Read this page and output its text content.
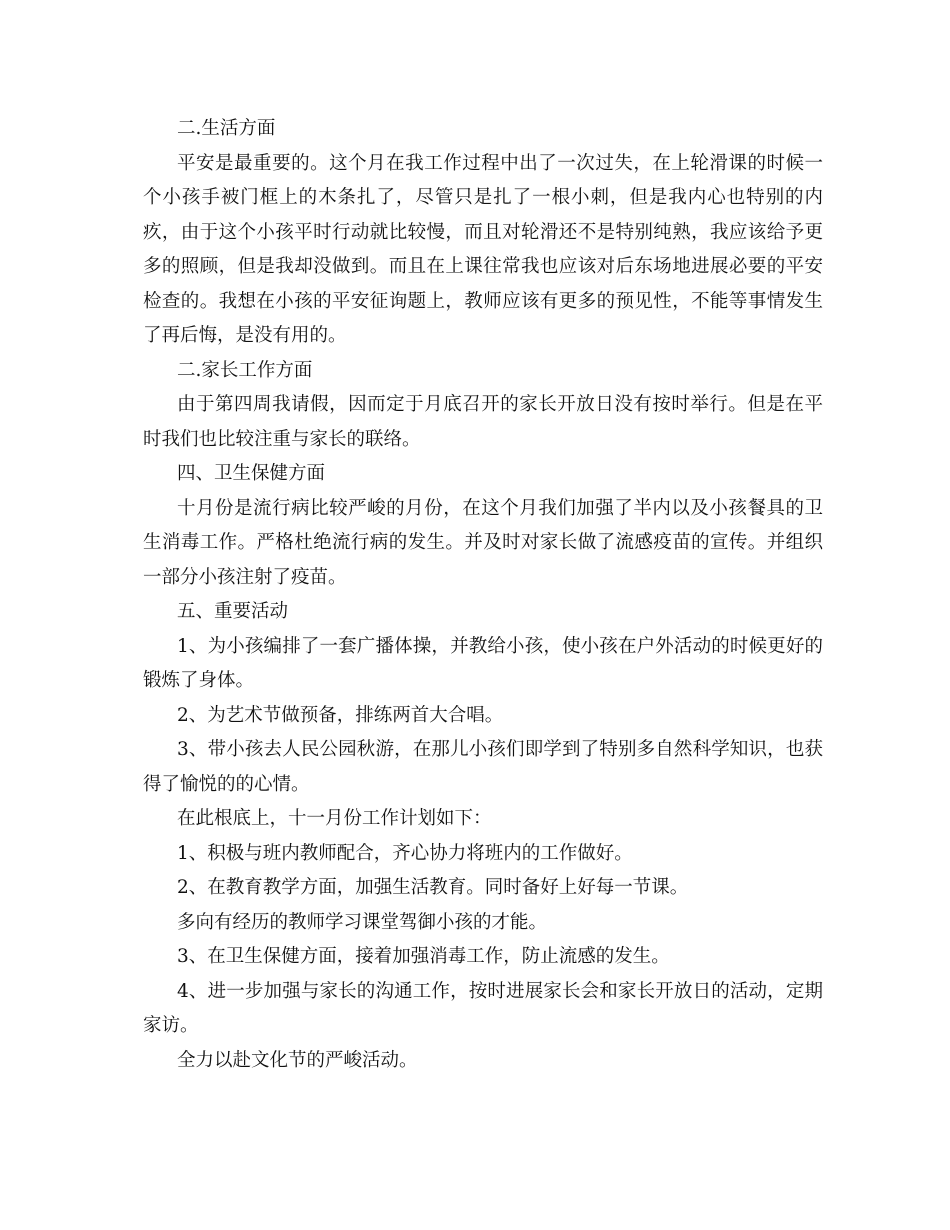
二.生活方面

平安是最重要的。这个月在我工作过程中出了一次过失，在上轮滑课的时候一个小孩手被门框上的木条扎了，尽管只是扎了一根小刺，但是我内心也特别的内疚，由于这个小孩平时行动就比较慢，而且对轮滑还不是特别纯熟，我应该给予更多的照顾，但是我却没做到。而且在上课往常我也应该对后东场地进展必要的平安检查的。我想在小孩的平安征询题上，教师应该有更多的预见性，不能等事情发生了再后悔，是没有用的。

二.家长工作方面

由于第四周我请假，因而定于月底召开的家长开放日没有按时举行。但是在平时我们也比较注重与家长的联络。

四、卫生保健方面

十月份是流行病比较严峻的月份，在这个月我们加强了半内以及小孩餐具的卫生消毒工作。严格杜绝流行病的发生。并及时对家长做了流感疫苗的宣传。并组织一部分小孩注射了疫苗。

五、重要活动

1、为小孩编排了一套广播体操，并教给小孩，使小孩在户外活动的时候更好的锻炼了身体。

2、为艺术节做预备，排练两首大合唱。

3、带小孩去人民公园秋游，在那儿小孩们即学到了特别多自然科学知识，也获得了愉悦的的心情。

在此根底上，十一月份工作计划如下：

1、积极与班内教师配合，齐心协力将班内的工作做好。

2、在教育教学方面，加强生活教育。同时备好上好每一节课。

多向有经历的教师学习课堂驾御小孩的才能。

3、在卫生保健方面，接着加强消毒工作，防止流感的发生。

4、进一步加强与家长的沟通工作，按时进展家长会和家长开放日的活动，定期家访。

全力以赴文化节的严峻活动。
